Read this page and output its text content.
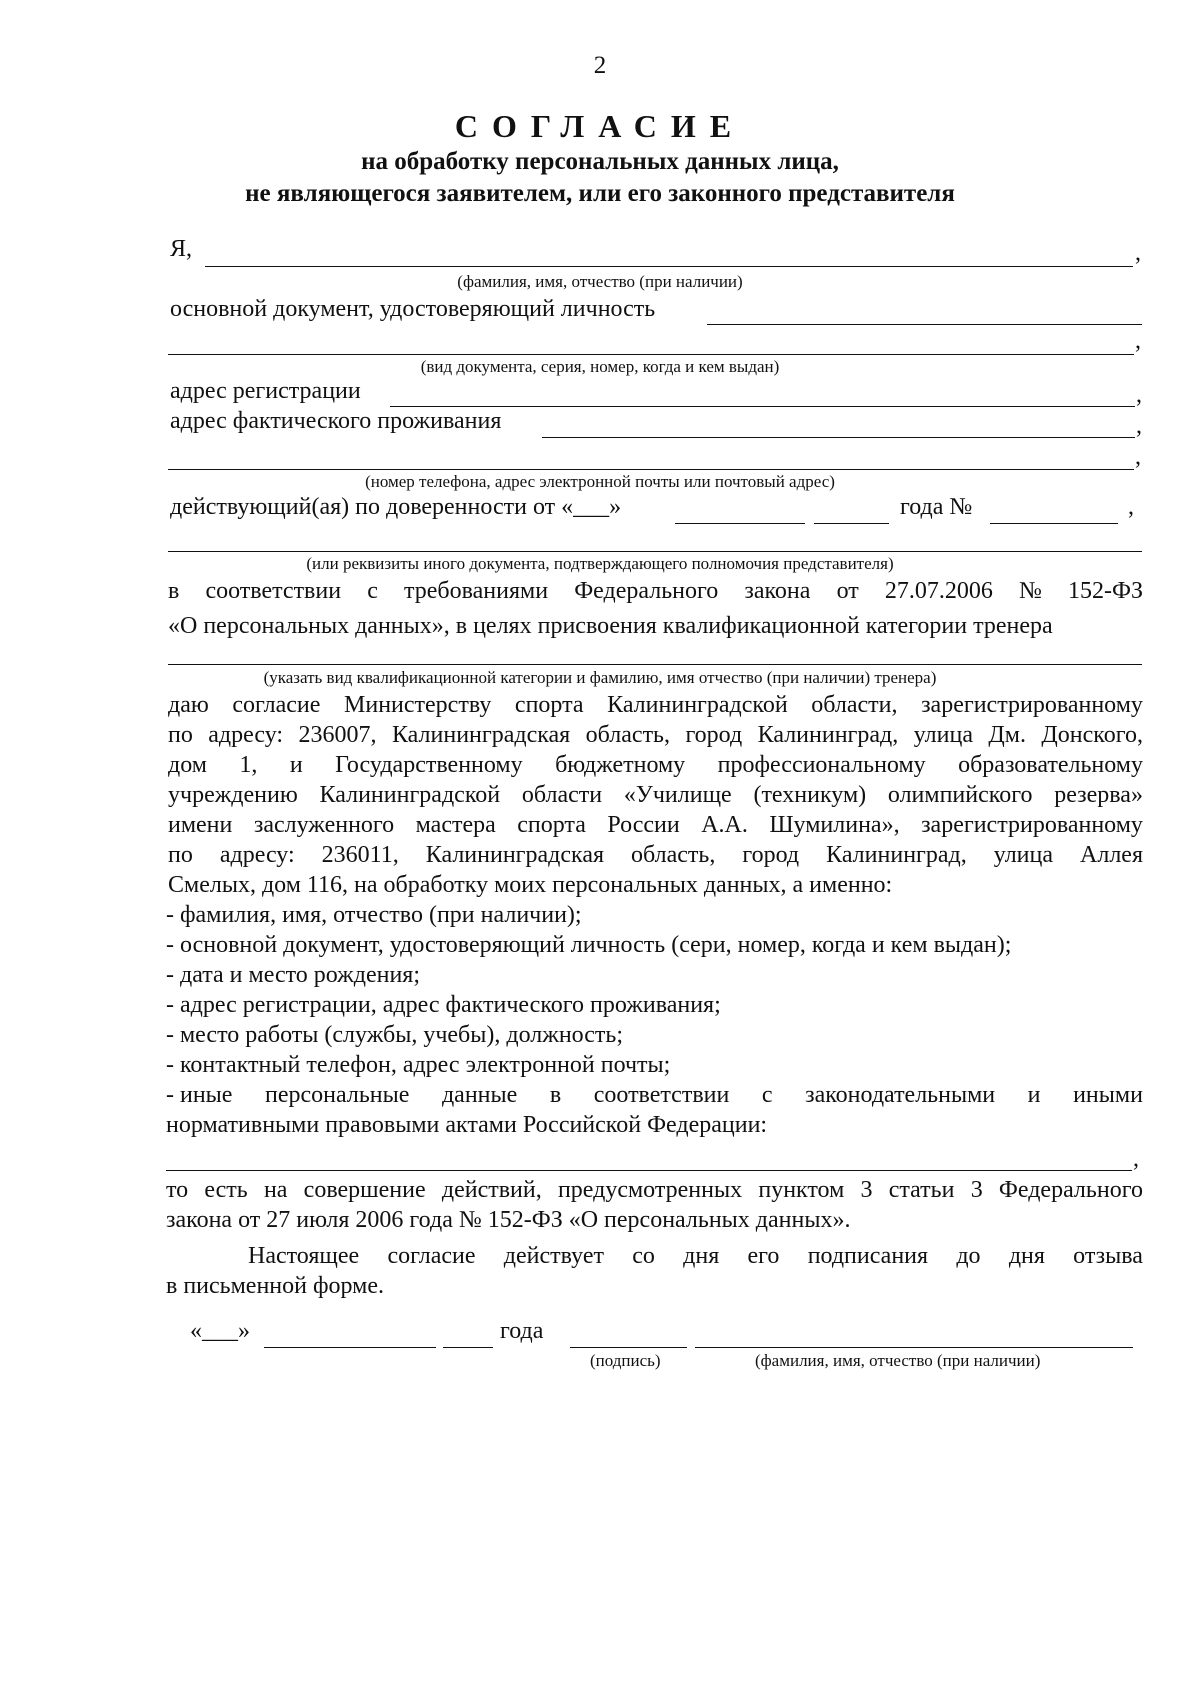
2
СОГЛАСИЕ
на обработку персональных данных лица,
не являющегося заявителем, или его законного представителя
Я,	,
(фамилия, имя, отчество (при наличии)
основной документ, удостоверяющий личность
,
(вид документа, серия, номер, когда и кем выдан)
адрес регистрации	,
адрес фактического проживания	,
,
(номер телефона, адрес электронной почты или почтовый адрес)
действующий(ая) по доверенности от «___»	года №	,
(или реквизиты иного документа, подтверждающего полномочия представителя)
в соответствии с требованиями Федерального закона от 27.07.2006 № 152-ФЗ
«О персональных данных», в целях присвоения квалификационной категории тренера
(указать вид квалификационной категории и фамилию, имя отчество (при наличии) тренера)
даю согласие Министерству спорта Калининградской области, зарегистрированному
по адресу: 236007, Калининградская область, город Калининград, улица Дм. Донского,
дом 1, и Государственному бюджетному профессиональному образовательному
учреждению Калининградской области «Училище (техникум) олимпийского резерва»
имени заслуженного мастера спорта России А.А. Шумилина», зарегистрированному
по адресу: 236011, Калининградская область, город Калининград, улица Аллея
Смелых, дом 116, на обработку моих персональных данных, а именно:
- фамилия, имя, отчество (при наличии);
- основной документ, удостоверяющий личность (сери, номер, когда и кем выдан);
- дата и место рождения;
- адрес регистрации, адрес фактического проживания;
- место работы (службы, учебы), должность;
- контактный телефон, адрес электронной почты;
- иные персональные данные в соответствии с законодательными и иными
нормативными правовыми актами Российской Федерации:
,
то есть на совершение действий, предусмотренных пунктом 3 статьи 3 Федерального
закона от 27 июля 2006 года № 152-ФЗ «О персональных данных».
Настоящее согласие действует со дня его подписания до дня отзыва
в письменной форме.
«___»	года
(подпись)	(фамилия, имя, отчество (при наличии)
